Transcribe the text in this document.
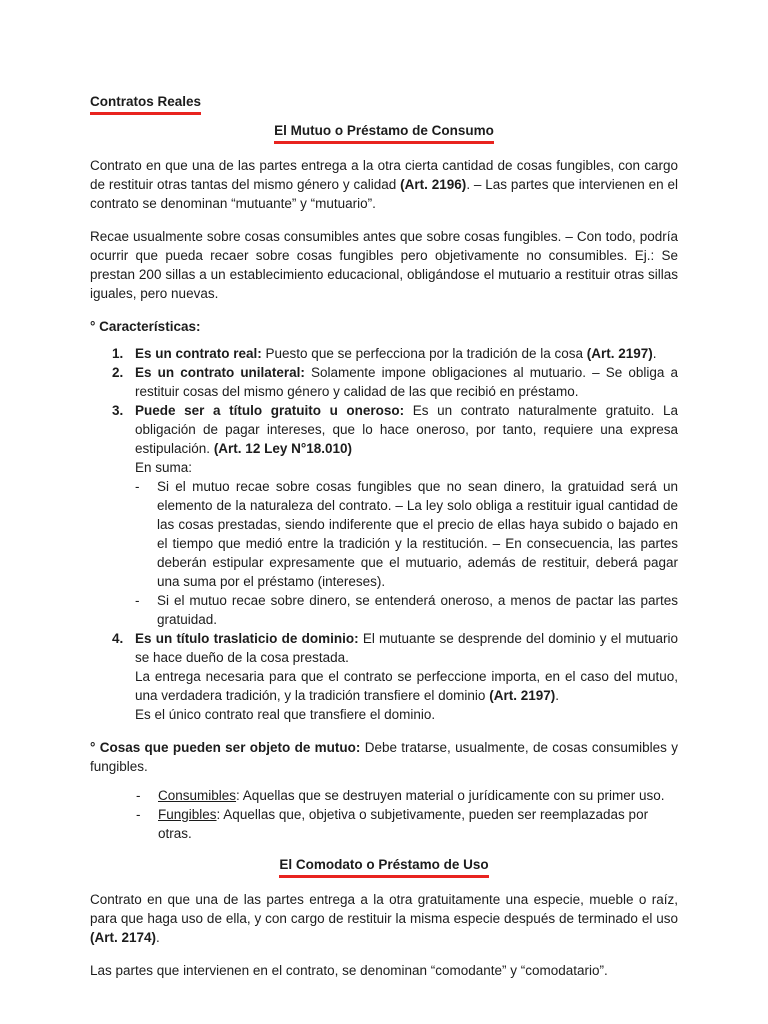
Contratos Reales
El Mutuo o Préstamo de Consumo

Contrato en que una de las partes entrega a la otra cierta cantidad de cosas fungibles, con cargo de restituir otras tantas del mismo género y calidad (Art. 2196). – Las partes que intervienen en el contrato se denominan “mutuante” y “mutuario”.

Recae usualmente sobre cosas consumibles antes que sobre cosas fungibles. – Con todo, podría ocurrir que pueda recaer sobre cosas fungibles pero objetivamente no consumibles. Ej.: Se prestan 200 sillas a un establecimiento educacional, obligándose el mutuario a restituir otras sillas iguales, pero nuevas.

° Características:

1. Es un contrato real: Puesto que se perfecciona por la tradición de la cosa (Art. 2197).
2. Es un contrato unilateral: Solamente impone obligaciones al mutuario. – Se obliga a restituir cosas del mismo género y calidad de las que recibió en préstamo.
3. Puede ser a título gratuito u oneroso: Es un contrato naturalmente gratuito. La obligación de pagar intereses, que lo hace oneroso, por tanto, requiere una expresa estipulación. (Art. 12 Ley N°18.010)
En suma:
- Si el mutuo recae sobre cosas fungibles que no sean dinero, la gratuidad será un elemento de la naturaleza del contrato. – La ley solo obliga a restituir igual cantidad de las cosas prestadas, siendo indiferente que el precio de ellas haya subido o bajado en el tiempo que medió entre la tradición y la restitución. – En consecuencia, las partes deberán estipular expresamente que el mutuario, además de restituir, deberá pagar una suma por el préstamo (intereses).
- Si el mutuo recae sobre dinero, se entenderá oneroso, a menos de pactar las partes gratuidad.
4. Es un título traslaticio de dominio: El mutuante se desprende del dominio y el mutuario se hace dueño de la cosa prestada.
La entrega necesaria para que el contrato se perfeccione importa, en el caso del mutuo, una verdadera tradición, y la tradición transfiere el dominio (Art. 2197).
Es el único contrato real que transfiere el dominio.

° Cosas que pueden ser objeto de mutuo: Debe tratarse, usualmente, de cosas consumibles y fungibles.

- Consumibles: Aquellas que se destruyen material o jurídicamente con su primer uso.
- Fungibles: Aquellas que, objetiva o subjetivamente, pueden ser reemplazadas por otras.
El Comodato o Préstamo de Uso

Contrato en que una de las partes entrega a la otra gratuitamente una especie, mueble o raíz, para que haga uso de ella, y con cargo de restituir la misma especie después de terminado el uso (Art. 2174).

Las partes que intervienen en el contrato, se denominan “comodante” y “comodatario”.
